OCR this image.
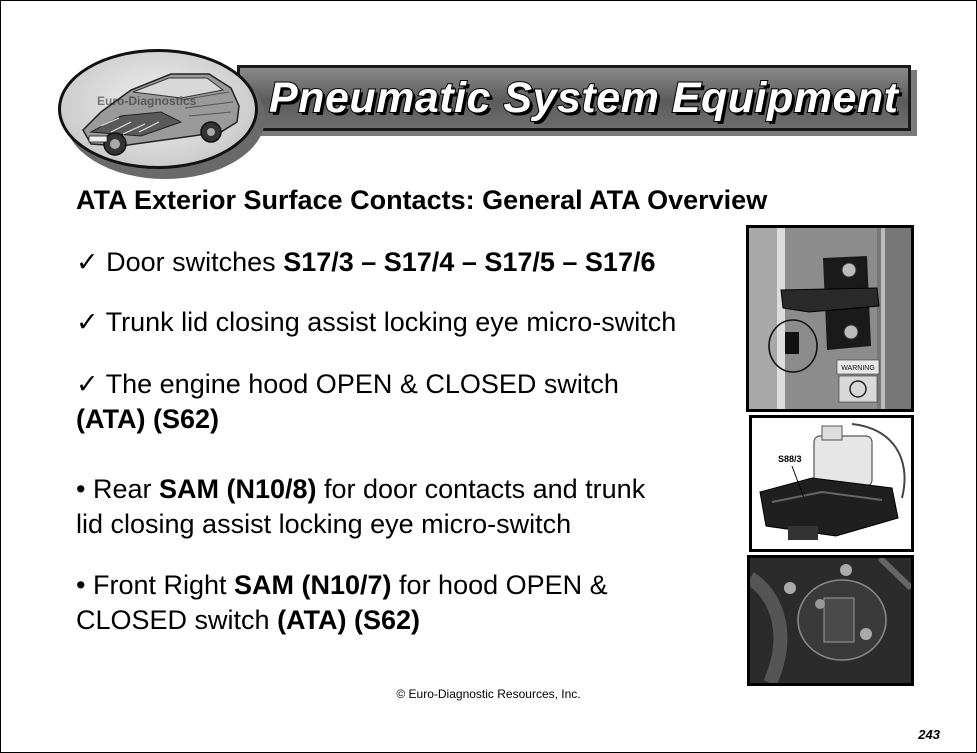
Pneumatic System Equipment
Euro-Diagnostics
ATA Exterior Surface Contacts: General ATA Overview
✓ Door switches S17/3 – S17/4 – S17/5 – S17/6
✓ Trunk lid closing assist locking eye micro-switch
✓ The engine hood OPEN & CLOSED switch
(ATA) (S62)
• Rear SAM (N10/8) for door contacts and trunk
lid closing assist locking eye micro-switch
• Front Right SAM (N10/7) for hood OPEN &
CLOSED switch (ATA) (S62)
WARNING
S88/3
© Euro-Diagnostic Resources, Inc.
243
